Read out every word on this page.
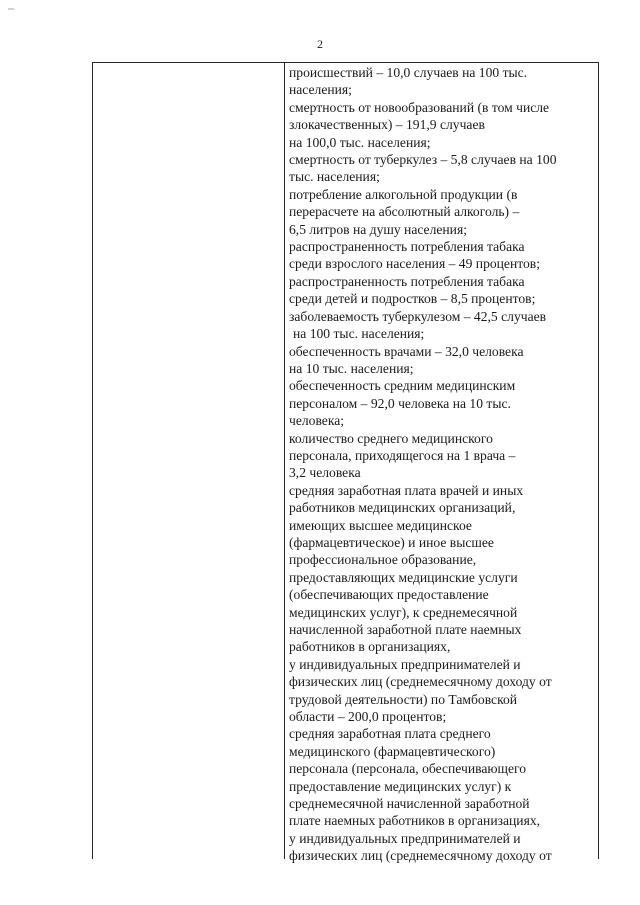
2
происшествий – 10,0 случаев на 100 тыс.
населения;
смертность от новообразований (в том числе
злокачественных) – 191,9 случаев
на 100,0 тыс. населения;
смертность от туберкулез – 5,8 случаев на 100
тыс. населения;
потребление алкогольной продукции (в
перерасчете на абсолютный алкоголь) –
6,5 литров на душу населения;
распространенность потребления табака
среди взрослого населения – 49 процентов;
распространенность потребления табака
среди детей и подростков – 8,5 процентов;
заболеваемость туберкулезом – 42,5 случаев
на 100 тыс. населения;
обеспеченность врачами – 32,0 человека
на 10 тыс. населения;
обеспеченность средним медицинским
персоналом – 92,0 человека на 10 тыс.
человека;
количество среднего медицинского
персонала, приходящегося на 1 врача –
3,2 человека
средняя заработная плата врачей и иных
работников медицинских организаций,
имеющих высшее медицинское
(фармацевтическое) и иное высшее
профессиональное образование,
предоставляющих медицинские услуги
(обеспечивающих предоставление
медицинских услуг), к среднемесячной
начисленной заработной плате наемных
работников в организациях,
у индивидуальных предпринимателей и
физических лиц (среднемесячному доходу от
трудовой деятельности) по Тамбовской
области – 200,0 процентов;
средняя заработная плата среднего
медицинского (фармацевтического)
персонала (персонала, обеспечивающего
предоставление медицинских услуг) к
среднемесячной начисленной заработной
плате наемных работников в организациях,
у индивидуальных предпринимателей и
физических лиц (среднемесячному доходу от
